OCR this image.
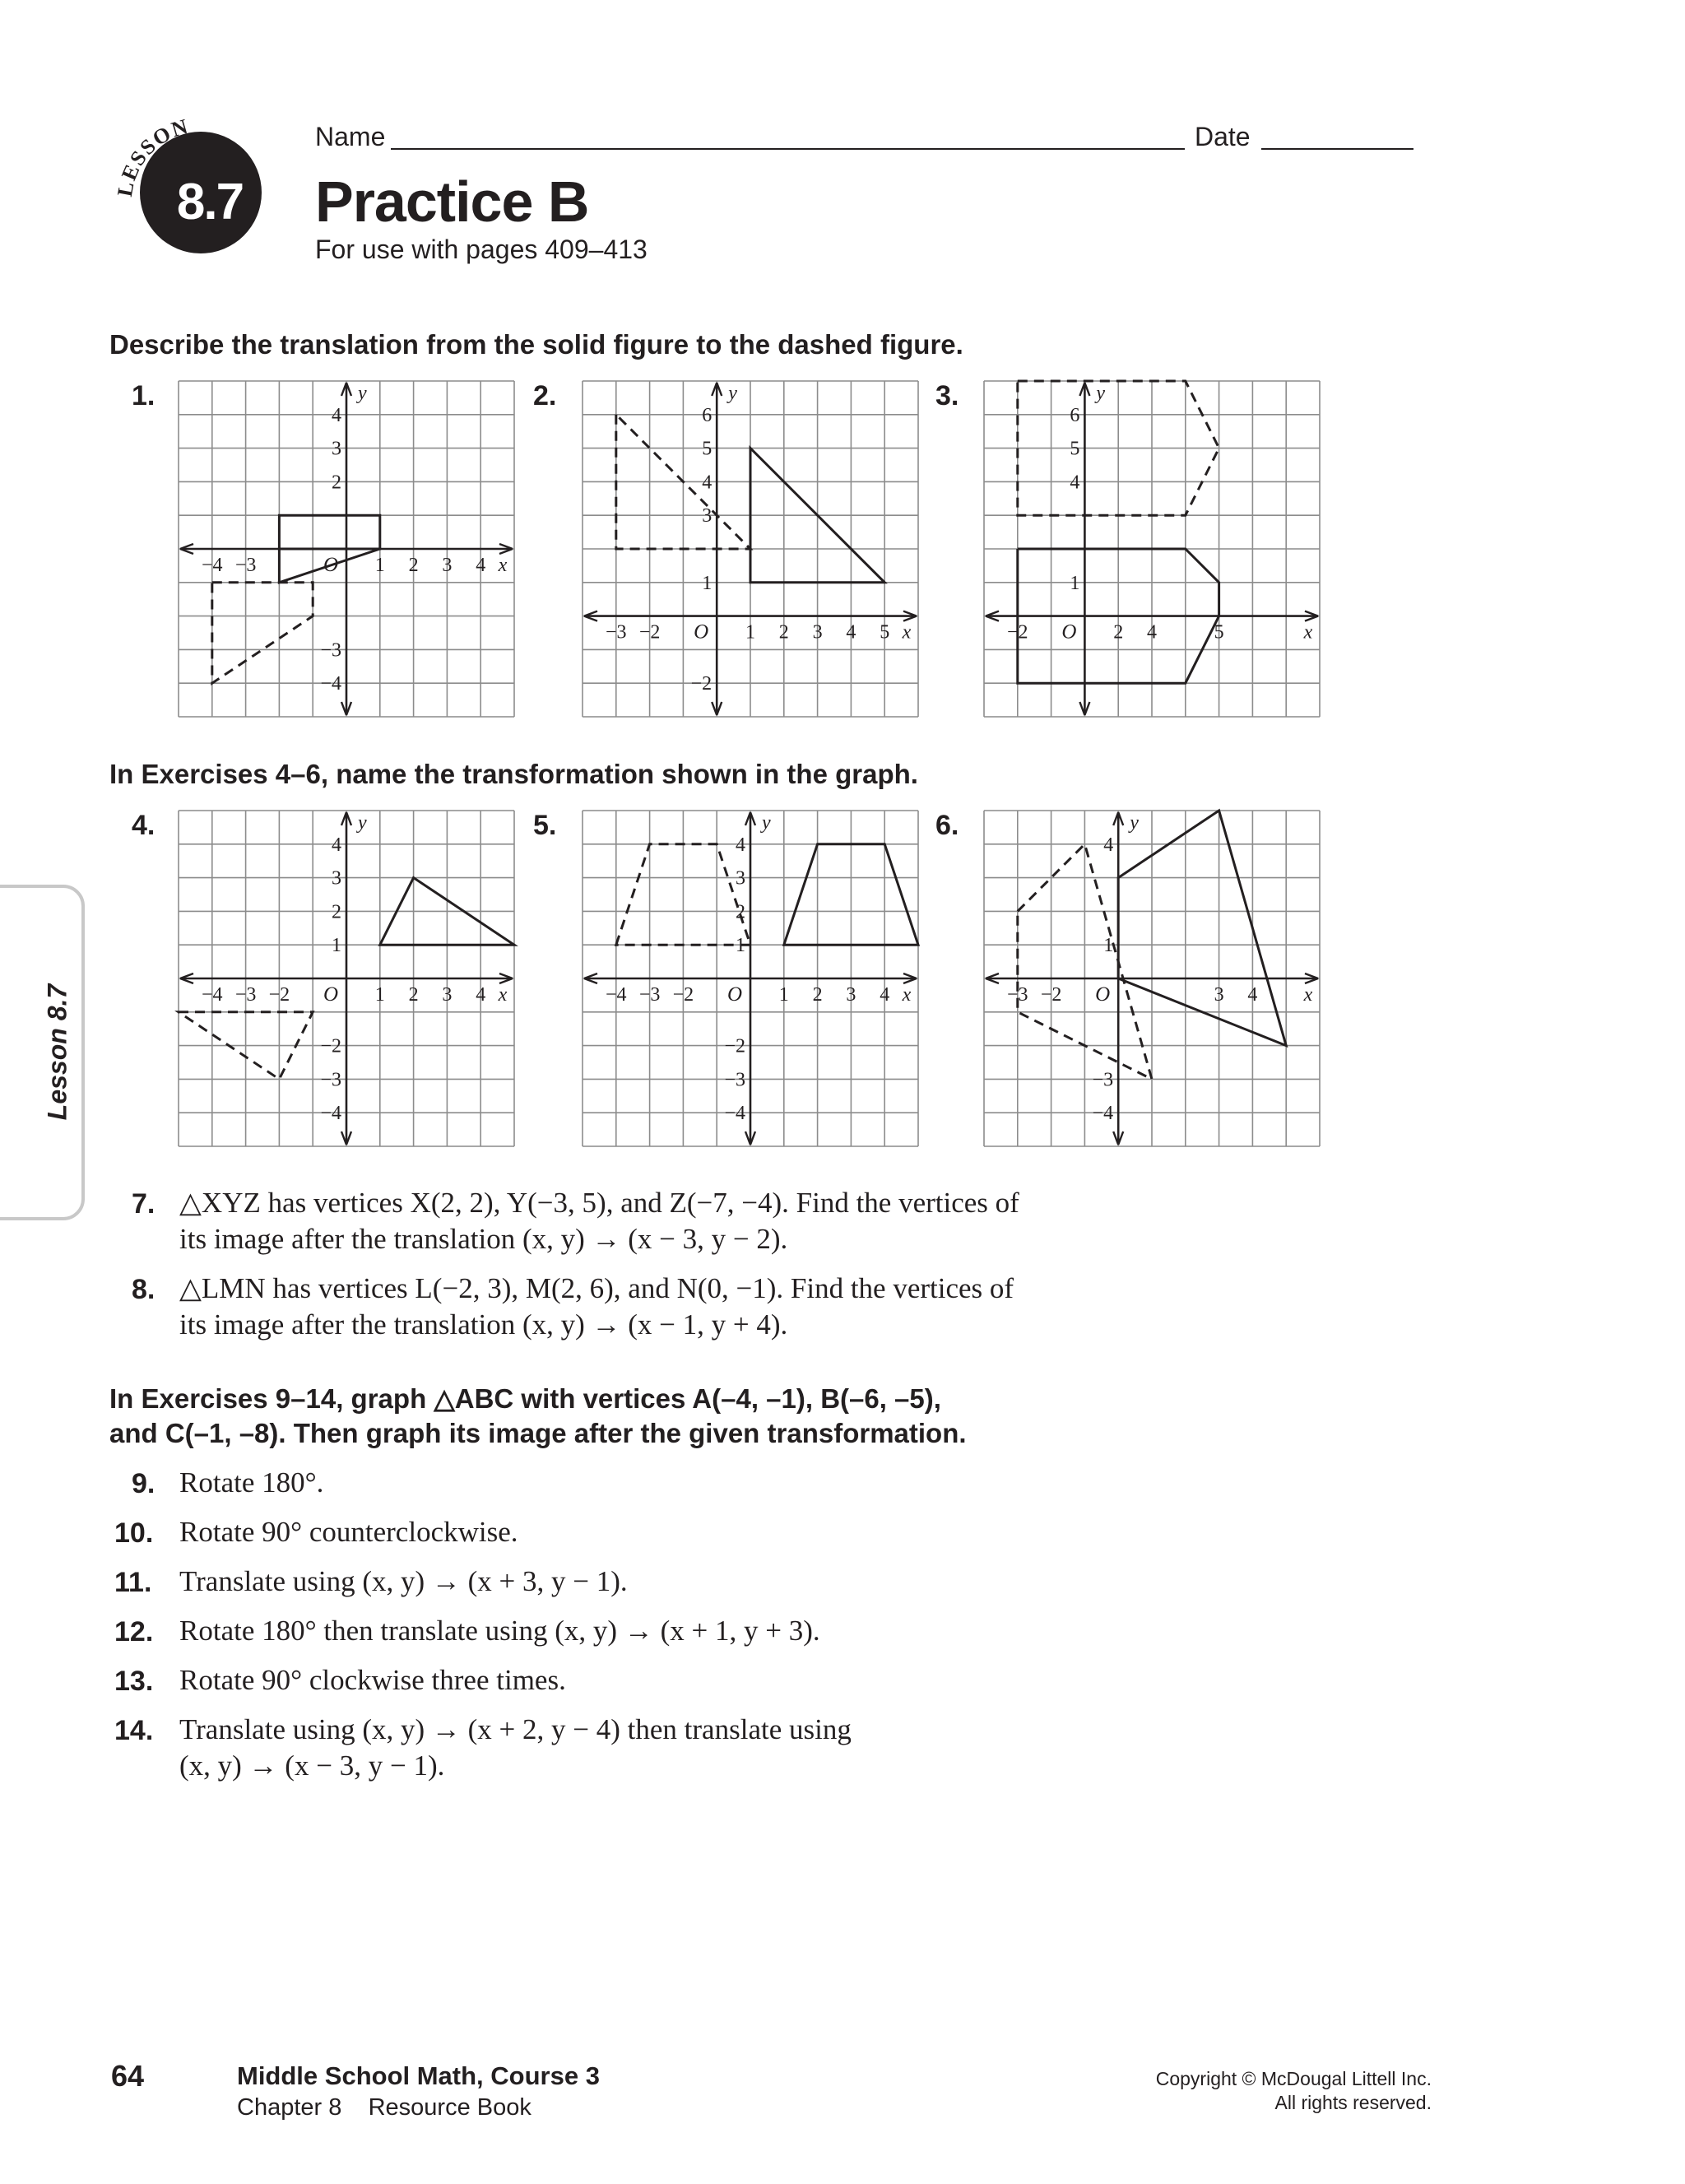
8.7
LESSON	Name	Date
Practice B
For use with pages 409–413
Describe the translation from the solid figure to the dashed figure.
1.	2.	3.
In Exercises 4–6, name the transformation shown in the graph.
4.	5.	6.
−4 −3	1 2 3 4
4
3
2
−3
−4
O	x
y
−3 −2	1 2 3 4 5
6
5
4
3
1
−2
O	x
y
−2	2 4	5
6
5
4
1
O	x
y
−4 −3 −2	1 2 3 4
4
3
2
1
−2
−3
−4
O	x
y
−4 −3 −2	1 2 3 4
4
3
2
1
−2
−3
−4
O	x
y
−3 −2	3 4
4
1
−3
−4
O	x
y
7. △XYZ has vertices X(2, 2), Y(−3, 5), and Z(−7, −4). Find the vertices of
its image after the translation (x, y) → (x − 3, y − 2).
8. △LMN has vertices L(−2, 3), M(2, 6), and N(0, −1). Find the vertices of
its image after the translation (x, y) → (x − 1, y + 4).
In Exercises 9–14, graph △ABC with vertices A(–4, –1), B(–6, –5),
and C(–1, –8). Then graph its image after the given transformation.
9. Rotate 180°.
10. Rotate 90° counterclockwise.
11. Translate using (x, y) → (x + 3, y − 1).
12. Rotate 180° then translate using (x, y) → (x + 1, y + 3).
13. Rotate 90° clockwise three times.
14. Translate using (x, y) → (x + 2, y − 4) then translate using
(x, y) → (x − 3, y − 1).
Lesson 8.7
64	Middle School Math, Course 3
Chapter 8    Resource Book
Copyright © McDougal Littell Inc.
All rights reserved.
